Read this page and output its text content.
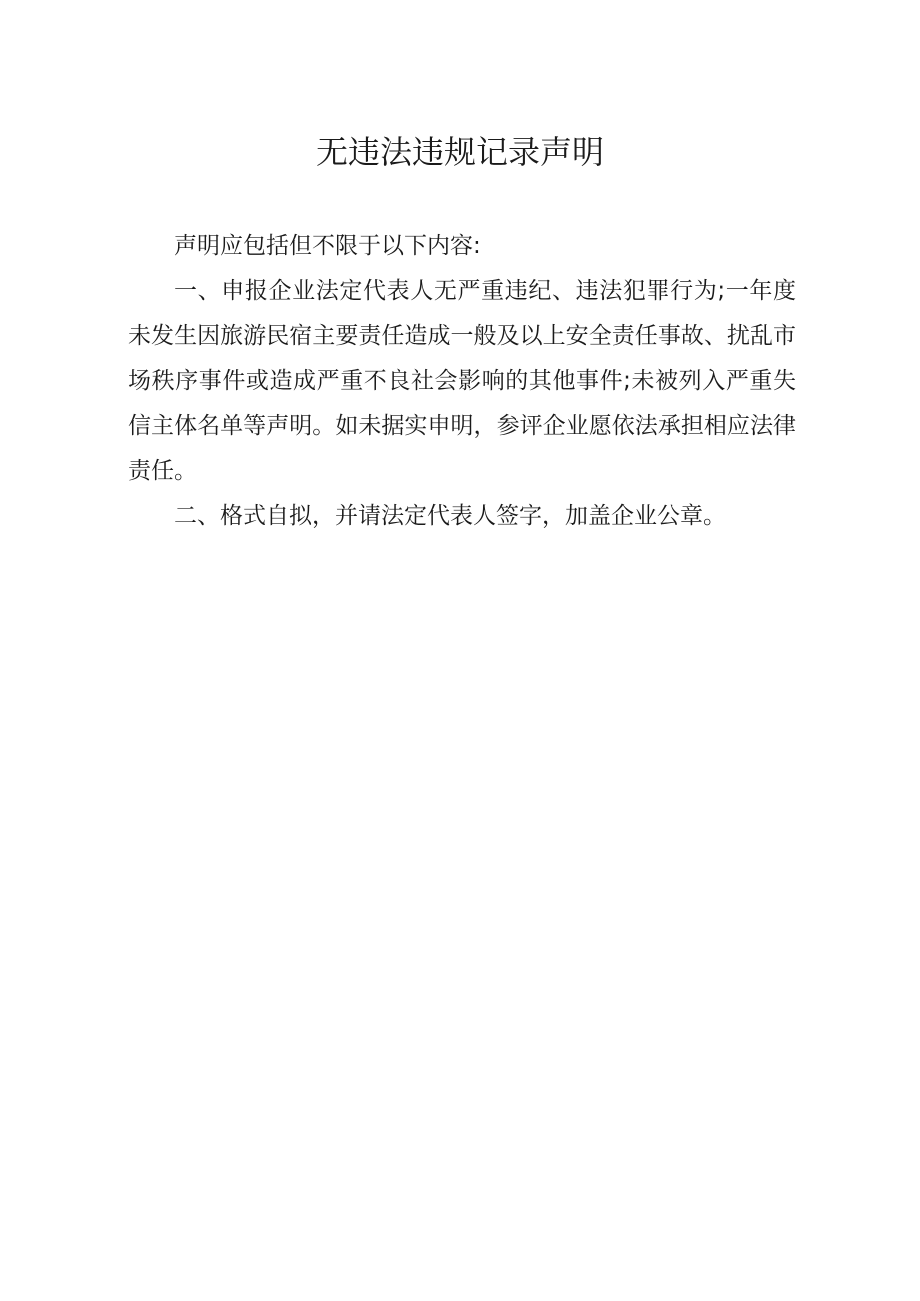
无违法违规记录声明

声明应包括但不限于以下内容:

一、申报企业法定代表人无严重违纪、违法犯罪行为;一年度未发生因旅游民宿主要责任造成一般及以上安全责任事故、扰乱市场秩序事件或造成严重不良社会影响的其他事件;未被列入严重失信主体名单等声明。如未据实申明，参评企业愿依法承担相应法律责任。

二、格式自拟，并请法定代表人签字，加盖企业公章。
